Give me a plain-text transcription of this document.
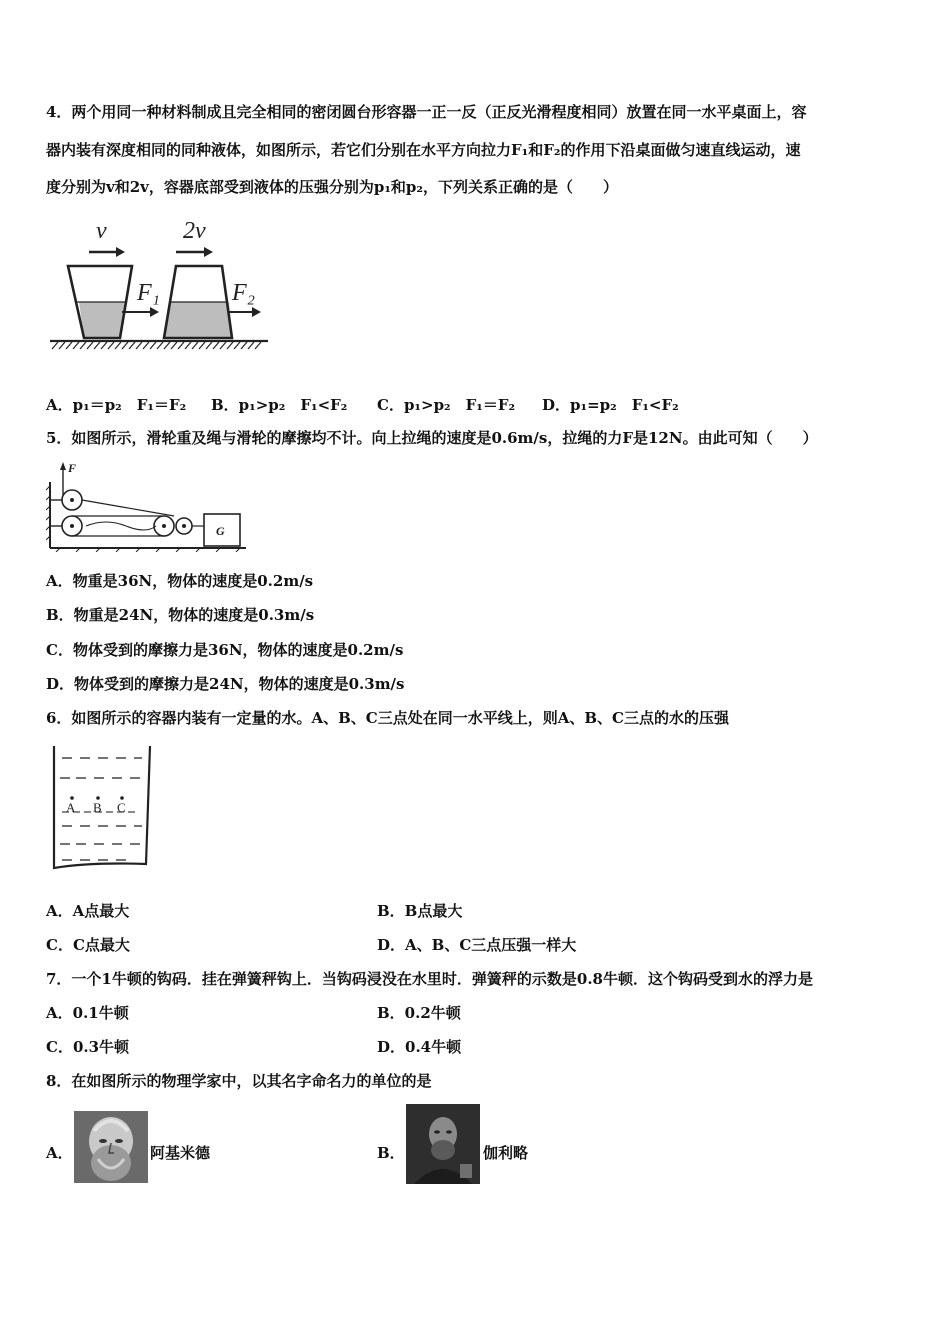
4．两个用同一种材料制成且完全相同的密闭圆台形容器一正一反（正反光滑程度相同）放置在同一水平桌面上，容
器内装有深度相同的同种液体，如图所示，若它们分别在水平方向拉力F₁和F₂的作用下沿桌面做匀速直线运动，速
度分别为v和2v，容器底部受到液体的压强分别为p₁和p₂，下列关系正确的是（　　）
v	2v
F₁	F₂
A．p₁＝p₂　F₁＝F₂ B．p₁>p₂　F₁<F₂ C．p₁>p₂　F₁＝F₂ D．p₁=p₂　F₁<F₂
5．如图所示，滑轮重及绳与滑轮的摩擦均不计。向上拉绳的速度是0.6m/s，拉绳的力F是12N。由此可知（　　）
F
G
A．物重是36N，物体的速度是0.2m/s
B．物重是24N，物体的速度是0.3m/s
C．物体受到的摩擦力是36N，物体的速度是0.2m/s
D．物体受到的摩擦力是24N，物体的速度是0.3m/s
6．如图所示的容器内装有一定量的水。A、B、C三点处在同一水平线上，则A、B、C三点的水的压强
A B C
A．A点最大	B．B点最大
C．C点最大	D．A、B、C三点压强一样大
7．一个1牛顿的钩码．挂在弹簧秤钩上．当钩码浸没在水里时．弹簧秤的示数是0.8牛顿．这个钩码受到水的浮力是
A．0.1牛顿	B．0.2牛顿
C．0.3牛顿	D．0.4牛顿
8．在如图所示的物理学家中，以其名字命名力的单位的是
A．	阿基米德	B．	伽利略
